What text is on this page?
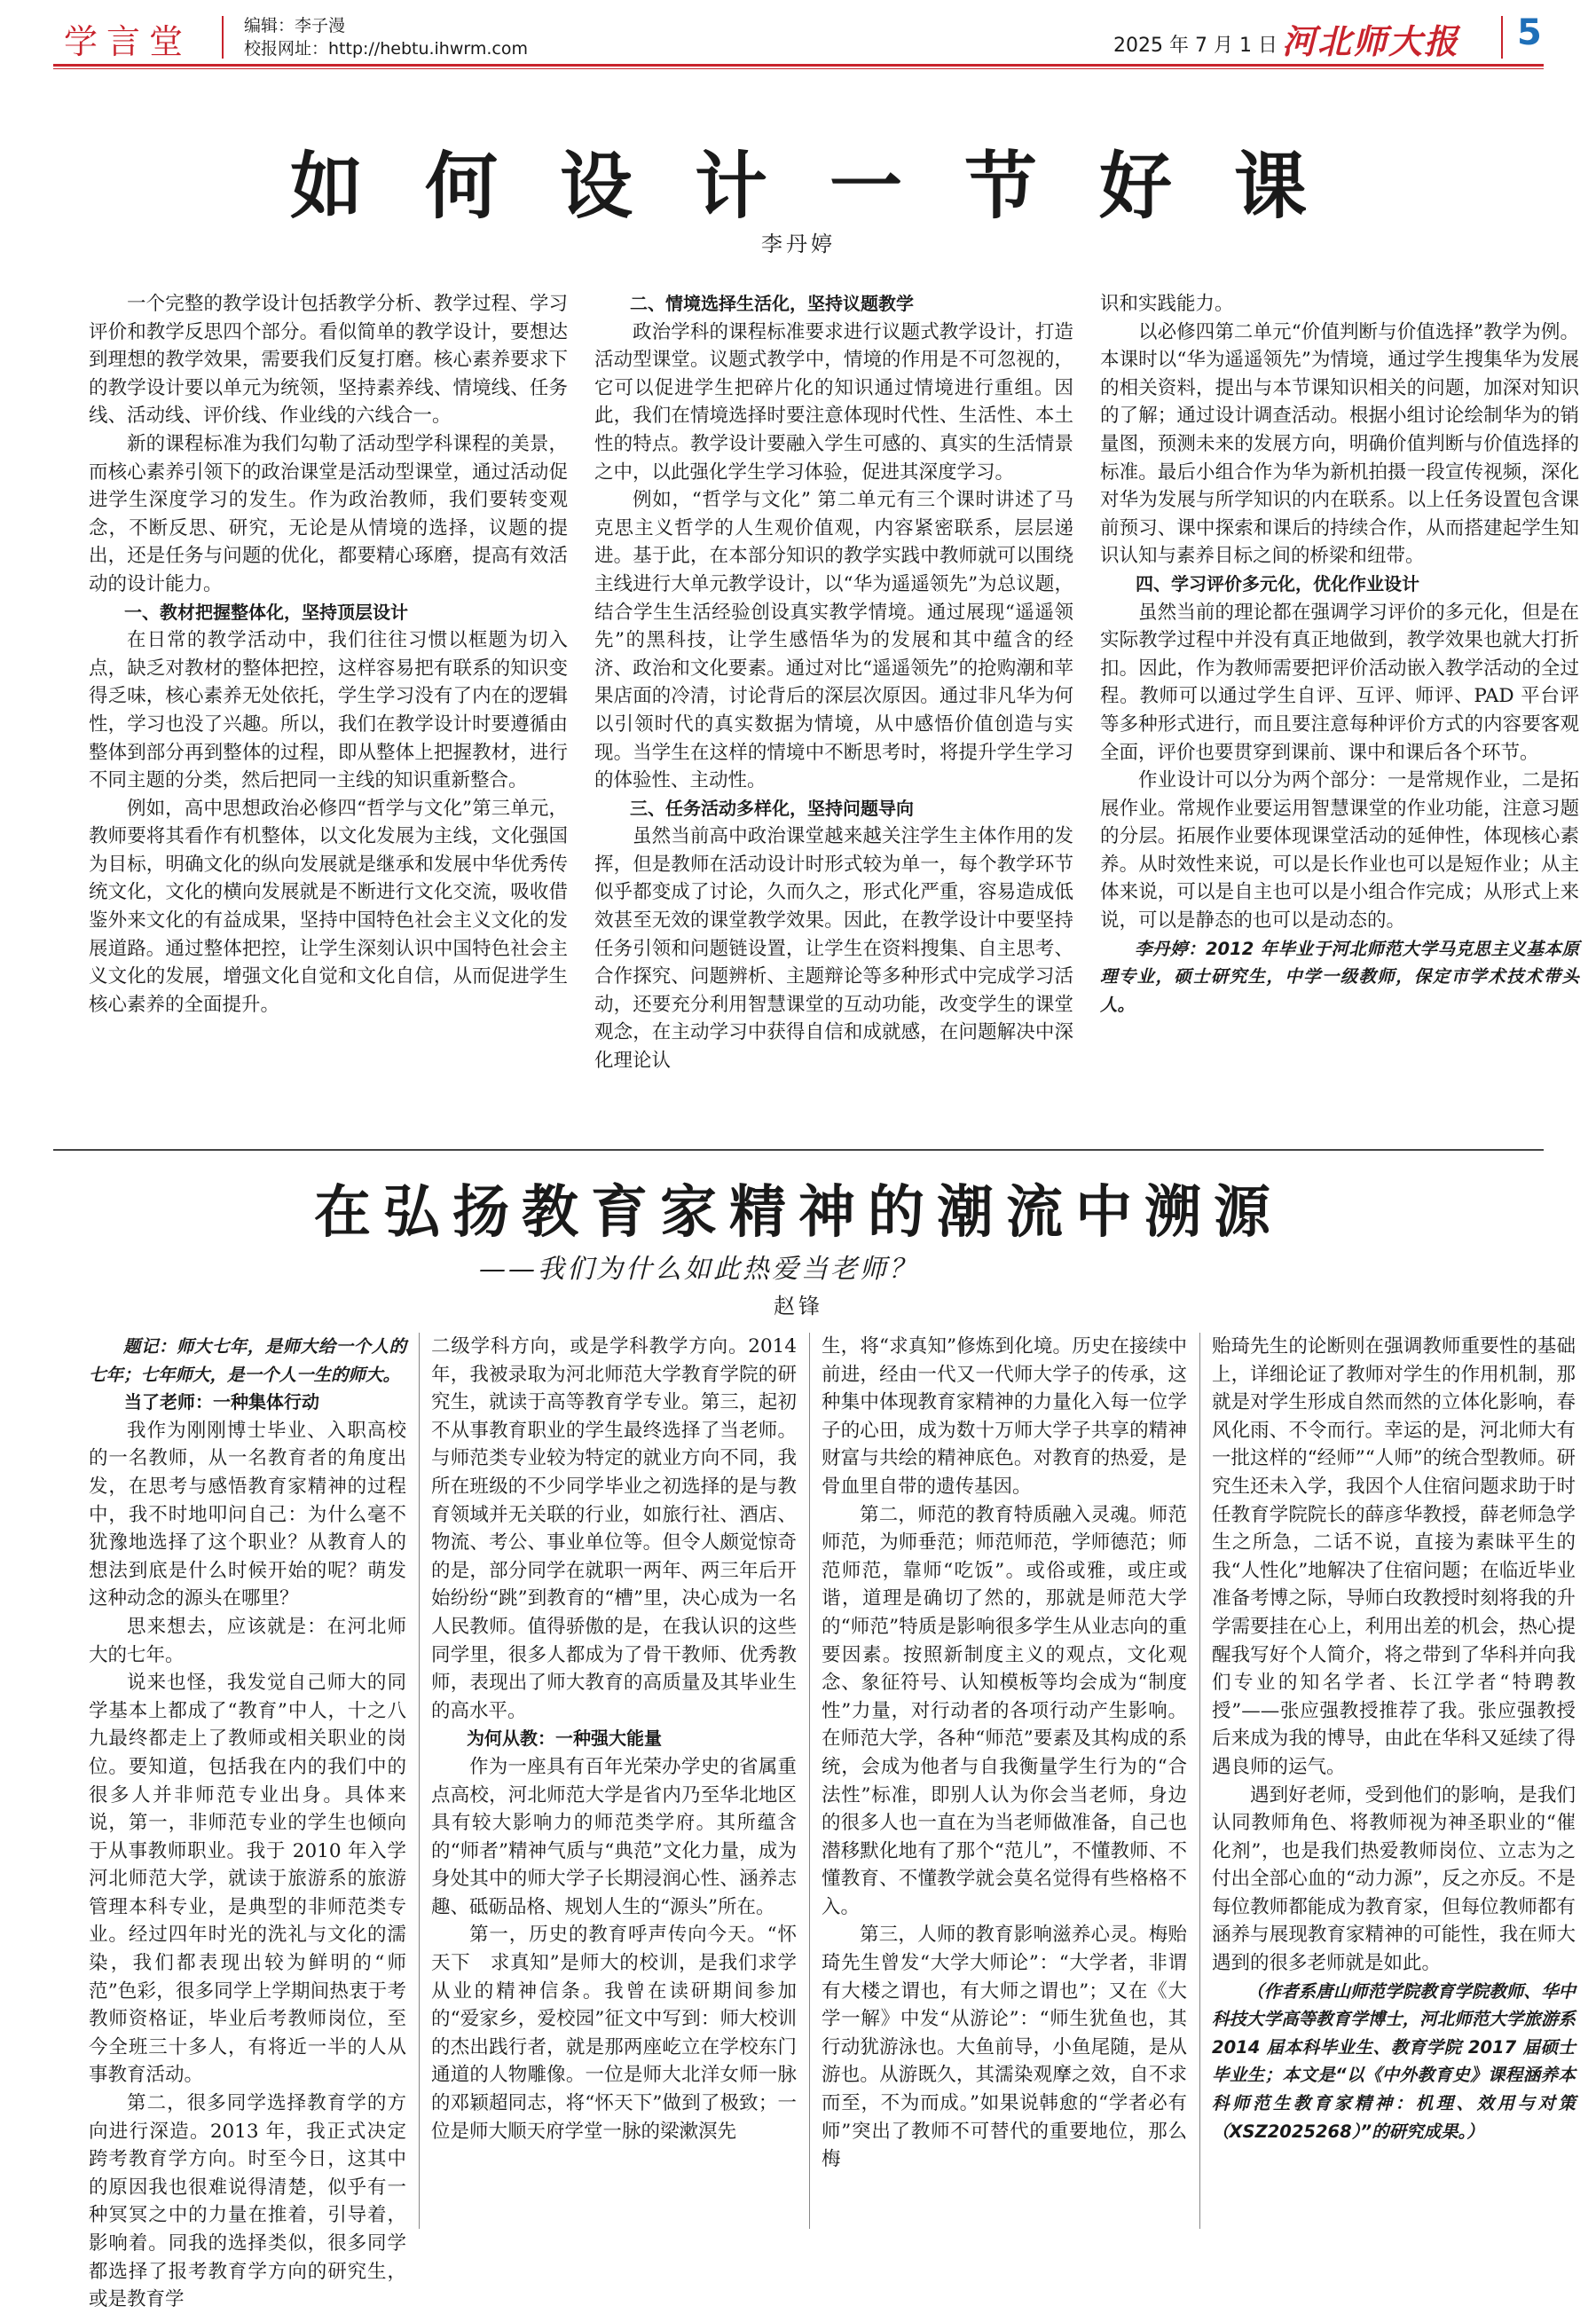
学言堂	编辑：李子漫
校报网址：http://hebtu.ihwrm.com	2025 年 7 月 1 日 河北师大报 5
如何设计一节好课
李丹婷

一个完整的教学设计包括教学分析、教学过程、学习评价和教学反思四个部分。看似简单的教学设计，要想达到理想的教学效果，需要我们反复打磨。核心素养要求下的教学设计要以单元为统领，坚持素养线、情境线、任务线、活动线、评价线、作业线的六线合一。

新的课程标准为我们勾勒了活动型学科课程的美景，而核心素养引领下的政治课堂是活动型课堂，通过活动促进学生深度学习的发生。作为政治教师，我们要转变观念，不断反思、研究，无论是从情境的选择，议题的提出，还是任务与问题的优化，都要精心琢磨，提高有效活动的设计能力。

一、教材把握整体化，坚持顶层设计

在日常的教学活动中，我们往往习惯以框题为切入点，缺乏对教材的整体把控，这样容易把有联系的知识变得乏味，核心素养无处依托，学生学习没有了内在的逻辑性，学习也没了兴趣。所以，我们在教学设计时要遵循由整体到部分再到整体的过程，即从整体上把握教材，进行不同主题的分类，然后把同一主线的知识重新整合。

例如，高中思想政治必修四“哲学与文化”第三单元，教师要将其看作有机整体，以文化发展为主线，文化强国为目标，明确文化的纵向发展就是继承和发展中华优秀传统文化，文化的横向发展就是不断进行文化交流，吸收借鉴外来文化的有益成果，坚持中国特色社会主义文化的发展道路。通过整体把控，让学生深刻认识中国特色社会主义文化的发展，增强文化自觉和文化自信，从而促进学生核心素养的全面提升。

二、情境选择生活化，坚持议题教学

政治学科的课程标准要求进行议题式教学设计，打造活动型课堂。议题式教学中，情境的作用是不可忽视的，它可以促进学生把碎片化的知识通过情境进行重组。因此，我们在情境选择时要注意体现时代性、生活性、本土性的特点。教学设计要融入学生可感的、真实的生活情景之中，以此强化学生学习体验，促进其深度学习。

例如，“哲学与文化” 第二单元有三个课时讲述了马克思主义哲学的人生观价值观，内容紧密联系，层层递进。基于此，在本部分知识的教学实践中教师就可以围绕主线进行大单元教学设计，以“华为遥遥领先”为总议题，结合学生生活经验创设真实教学情境。通过展现“遥遥领先”的黑科技，让学生感悟华为的发展和其中蕴含的经济、政治和文化要素。通过对比“遥遥领先”的抢购潮和苹果店面的冷清，讨论背后的深层次原因。通过非凡华为何以引领时代的真实数据为情境，从中感悟价值创造与实现。当学生在这样的情境中不断思考时，将提升学生学习的体验性、主动性。

三、任务活动多样化，坚持问题导向

虽然当前高中政治课堂越来越关注学生主体作用的发挥，但是教师在活动设计时形式较为单一，每个教学环节似乎都变成了讨论，久而久之，形式化严重，容易造成低效甚至无效的课堂教学效果。因此，在教学设计中要坚持任务引领和问题链设置，让学生在资料搜集、自主思考、合作探究、问题辨析、主题辩论等多种形式中完成学习活动，还要充分利用智慧课堂的互动功能，改变学生的课堂观念，在主动学习中获得自信和成就感，在问题解决中深化理论认

识和实践能力。

以必修四第二单元“价值判断与价值选择”教学为例。本课时以“华为遥遥领先”为情境，通过学生搜集华为发展的相关资料，提出与本节课知识相关的问题，加深对知识的了解；通过设计调查活动。根据小组讨论绘制华为的销量图，预测未来的发展方向，明确价值判断与价值选择的标准。最后小组合作为华为新机拍摄一段宣传视频，深化对华为发展与所学知识的内在联系。以上任务设置包含课前预习、课中探索和课后的持续合作，从而搭建起学生知识认知与素养目标之间的桥梁和纽带。

四、学习评价多元化，优化作业设计

虽然当前的理论都在强调学习评价的多元化，但是在实际教学过程中并没有真正地做到，教学效果也就大打折扣。因此，作为教师需要把评价活动嵌入教学活动的全过程。教师可以通过学生自评、互评、师评、PAD 平台评等多种形式进行，而且要注意每种评价方式的内容要客观全面，评价也要贯穿到课前、课中和课后各个环节。

作业设计可以分为两个部分：一是常规作业，二是拓展作业。常规作业要运用智慧课堂的作业功能，注意习题的分层。拓展作业要体现课堂活动的延伸性，体现核心素养。从时效性来说，可以是长作业也可以是短作业；从主体来说，可以是自主也可以是小组合作完成；从形式上来说，可以是静态的也可以是动态的。

李丹婷：2012 年毕业于河北师范大学马克思主义基本原理专业，硕士研究生，中学一级教师，保定市学术技术带头人。

在弘扬教育家精神的潮流中溯源
——我们为什么如此热爱当老师？
赵锋

题记：师大七年，是师大给一个人的七年；七年师大，是一个人一生的师大。

当了老师：一种集体行动

我作为刚刚博士毕业、入职高校的一名教师，从一名教育者的角度出发，在思考与感悟教育家精神的过程中，我不时地叩问自己：为什么毫不犹豫地选择了这个职业？从教育人的想法到底是什么时候开始的呢？萌发这种动念的源头在哪里？

思来想去，应该就是：在河北师大的七年。

说来也怪，我发觉自己师大的同学基本上都成了“教育”中人，十之八九最终都走上了教师或相关职业的岗位。要知道，包括我在内的我们中的很多人并非师范专业出身。具体来说，第一，非师范专业的学生也倾向于从事教师职业。我于 2010 年入学河北师范大学，就读于旅游系的旅游管理本科专业，是典型的非师范类专业。经过四年时光的洗礼与文化的濡染，我们都表现出较为鲜明的“师范”色彩，很多同学上学期间热衷于考教师资格证，毕业后考教师岗位，至今全班三十多人，有将近一半的人从事教育活动。

第二，很多同学选择教育学的方向进行深造。2013 年，我正式决定跨考教育学方向。时至今日，这其中的原因我也很难说得清楚，似乎有一种冥冥之中的力量在推着，引导着，影响着。同我的选择类似，很多同学都选择了报考教育学方向的研究生，或是教育学

二级学科方向，或是学科教学方向。2014 年，我被录取为河北师范大学教育学院的研究生，就读于高等教育学专业。第三，起初不从事教育职业的学生最终选择了当老师。与师范类专业较为特定的就业方向不同，我所在班级的不少同学毕业之初选择的是与教育领域并无关联的行业，如旅行社、酒店、物流、考公、事业单位等。但令人颇觉惊奇的是，部分同学在就职一两年、两三年后开始纷纷“跳”到教育的“槽”里，决心成为一名人民教师。值得骄傲的是，在我认识的这些同学里，很多人都成为了骨干教师、优秀教师，表现出了师大教育的高质量及其毕业生的高水平。

为何从教：一种强大能量

作为一座具有百年光荣办学史的省属重点高校，河北师范大学是省内乃至华北地区具有较大影响力的师范类学府。其所蕴含的“师者”精神气质与“典范”文化力量，成为身处其中的师大学子长期浸润心性、涵养志趣、砥砺品格、规划人生的“源头”所在。

第一，历史的教育呼声传向今天。“怀天下　求真知”是师大的校训，是我们求学从业的精神信条。我曾在读研期间参加的“爱家乡，爱校园”征文中写到：师大校训的杰出践行者，就是那两座屹立在学校东门通道的人物雕像。一位是师大北洋女师一脉的邓颖超同志，将“怀天下”做到了极致；一位是师大顺天府学堂一脉的梁漱溟先

生，将“求真知”修炼到化境。历史在接续中前进，经由一代又一代师大学子的传承，这种集中体现教育家精神的力量化入每一位学子的心田，成为数十万师大学子共享的精神财富与共绘的精神底色。对教育的热爱，是骨血里自带的遗传基因。

第二，师范的教育特质融入灵魂。师范师范，为师垂范；师范师范，学师德范；师范师范，靠师“吃饭”。或俗或雅，或庄或谐，道理是确切了然的，那就是师范大学的“师范”特质是影响很多学生从业志向的重要因素。按照新制度主义的观点，文化观念、象征符号、认知模板等均会成为“制度性”力量，对行动者的各项行动产生影响。在师范大学，各种“师范”要素及其构成的系统，会成为他者与自我衡量学生行为的“合法性”标准，即别人认为你会当老师，身边的很多人也一直在为当老师做准备，自己也潜移默化地有了那个“范儿”，不懂教师、不懂教育、不懂教学就会莫名觉得有些格格不入。

第三，人师的教育影响滋养心灵。梅贻琦先生曾发“大学大师论”：“大学者，非谓有大楼之谓也，有大师之谓也”；又在《大学一解》中发“从游论”：“师生犹鱼也，其行动犹游泳也。大鱼前导，小鱼尾随，是从游也。从游既久，其濡染观摩之效，自不求而至，不为而成。”如果说韩愈的“学者必有师”突出了教师不可替代的重要地位，那么梅

贻琦先生的论断则在强调教师重要性的基础上，详细论证了教师对学生的作用机制，那就是对学生形成自然而然的立体化影响，春风化雨、不令而行。幸运的是，河北师大有一批这样的“经师”“人师”的统合型教师。研究生还未入学，我因个人住宿问题求助于时任教育学院院长的薛彦华教授，薛老师急学生之所急，二话不说，直接为素昧平生的我“人性化”地解决了住宿问题；在临近毕业准备考博之际，导师白玫教授时刻将我的升学需要挂在心上，利用出差的机会，热心提醒我写好个人简介，将之带到了华科并向我们专业的知名学者、长江学者“特聘教授”——张应强教授推荐了我。张应强教授后来成为我的博导，由此在华科又延续了得遇良师的运气。

遇到好老师，受到他们的影响，是我们认同教师角色、将教师视为神圣职业的“催化剂”，也是我们热爱教师岗位、立志为之付出全部心血的“动力源”，反之亦反。不是每位教师都能成为教育家，但每位教师都有涵养与展现教育家精神的可能性，我在师大遇到的很多老师就是如此。

（作者系唐山师范学院教育学院教师、华中科技大学高等教育学博士，河北师范大学旅游系 2014 届本科毕业生、教育学院 2017 届硕士毕业生；本文是“以《中外教育史》课程涵养本科师范生教育家精神：机理、效用与对策（XSZ2025268）”的研究成果。）
